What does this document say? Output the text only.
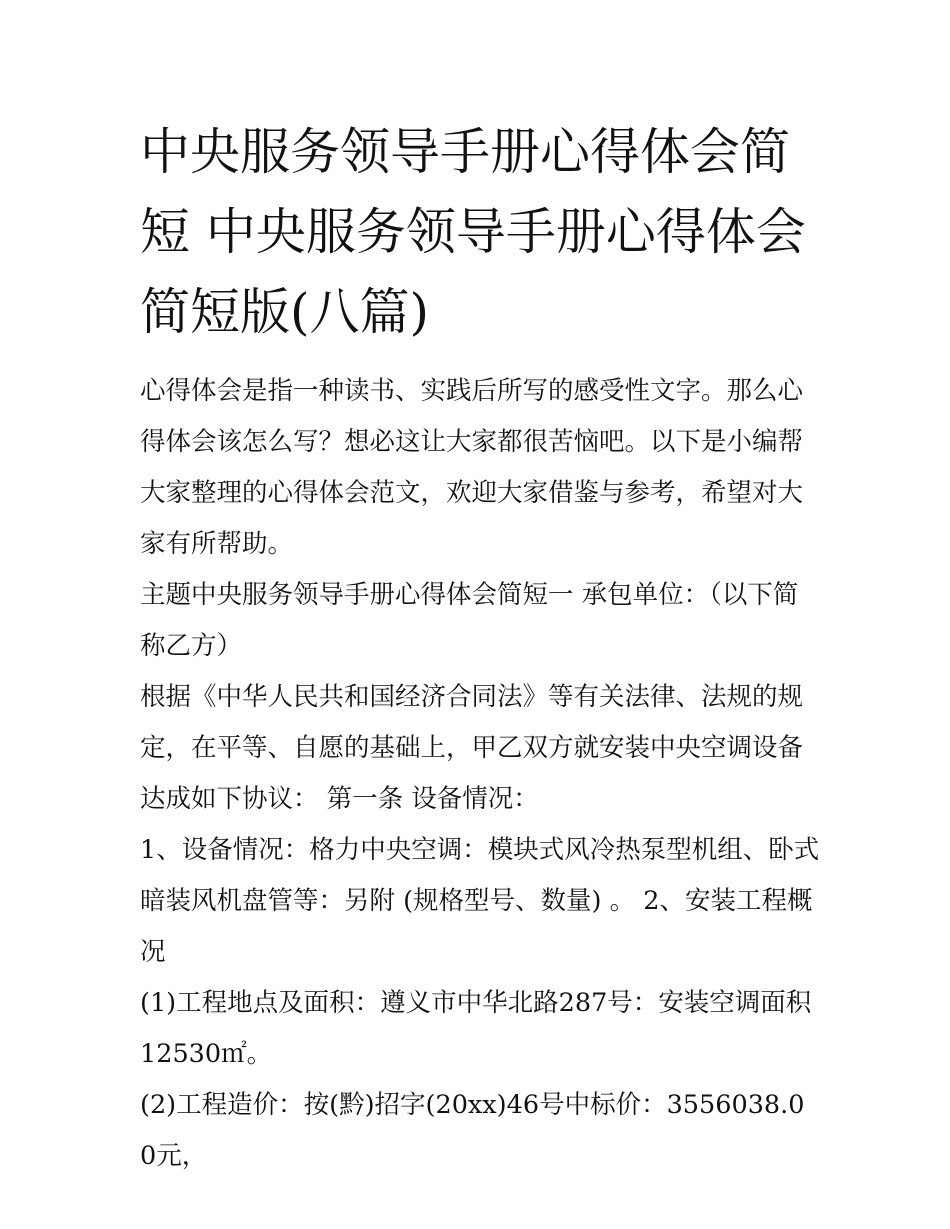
中央服务领导手册心得体会简短 中央服务领导手册心得体会简短版(八篇)

心得体会是指一种读书、实践后所写的感受性文字。那么心得体会该怎么写？想必这让大家都很苦恼吧。以下是小编帮大家整理的心得体会范文，欢迎大家借鉴与参考，希望对大家有所帮助。

主题中央服务领导手册心得体会简短一 承包单位：（以下简称乙方）

根据《中华人民共和国经济合同法》等有关法律、法规的规定，在平等、自愿的基础上，甲乙双方就安装中央空调设备达成如下协议： 第一条 设备情况：

1、设备情况：格力中央空调：模块式风冷热泵型机组、卧式暗装风机盘管等：另附 (规格型号、数量) 。 2、安装工程概况

(1)工程地点及面积：遵义市中华北路287号：安装空调面积12530㎡。

(2)工程造价：按(黔)招字(20xx)46号中标价：3556038.00元，
